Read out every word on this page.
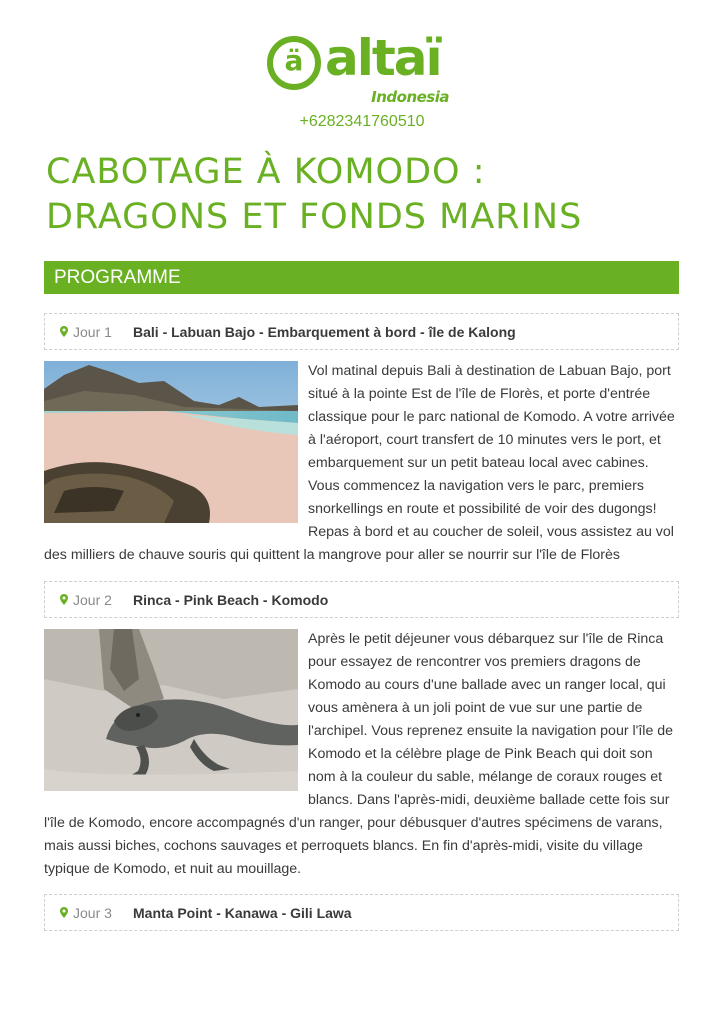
ä altaï
Indonesia
+6282341760510
CABOTAGE À KOMODO :
DRAGONS ET FONDS MARINS
PROGRAMME
Jour 1	Bali - Labuan Bajo - Embarquement à bord - île de Kalong
Vol matinal depuis Bali à destination de Labuan Bajo, port situé à la pointe Est de l'île de Florès, et porte d'entrée classique pour le parc national de Komodo. A votre arrivée à l'aéroport, court transfert de 10 minutes vers le port, et embarquement sur un petit bateau local avec cabines. Vous commencez la navigation vers le parc, premiers snorkellings en route et possibilité de voir des dugongs! Repas à bord et au coucher de soleil, vous assistez au vol des milliers de chauve souris qui quittent la mangrove pour aller se nourrir sur l'île de Florès
Jour 2	Rinca - Pink Beach - Komodo
Après le petit déjeuner vous débarquez sur l'île de Rinca pour essayez de rencontrer vos premiers dragons de Komodo au cours d'une ballade avec un ranger local, qui vous amènera à un joli point de vue sur une partie de l'archipel. Vous reprenez ensuite la navigation pour l'île de Komodo et la célèbre plage de Pink Beach qui doit son nom à la couleur du sable, mélange de coraux rouges et blancs. Dans l'après-midi, deuxième ballade cette fois sur l'île de Komodo, encore accompagnés d'un ranger, pour débusquer d'autres spécimens de varans, mais aussi biches, cochons sauvages et perroquets blancs. En fin d'après-midi, visite du village typique de Komodo, et nuit au mouillage.
Jour 3	Manta Point - Kanawa - Gili Lawa
